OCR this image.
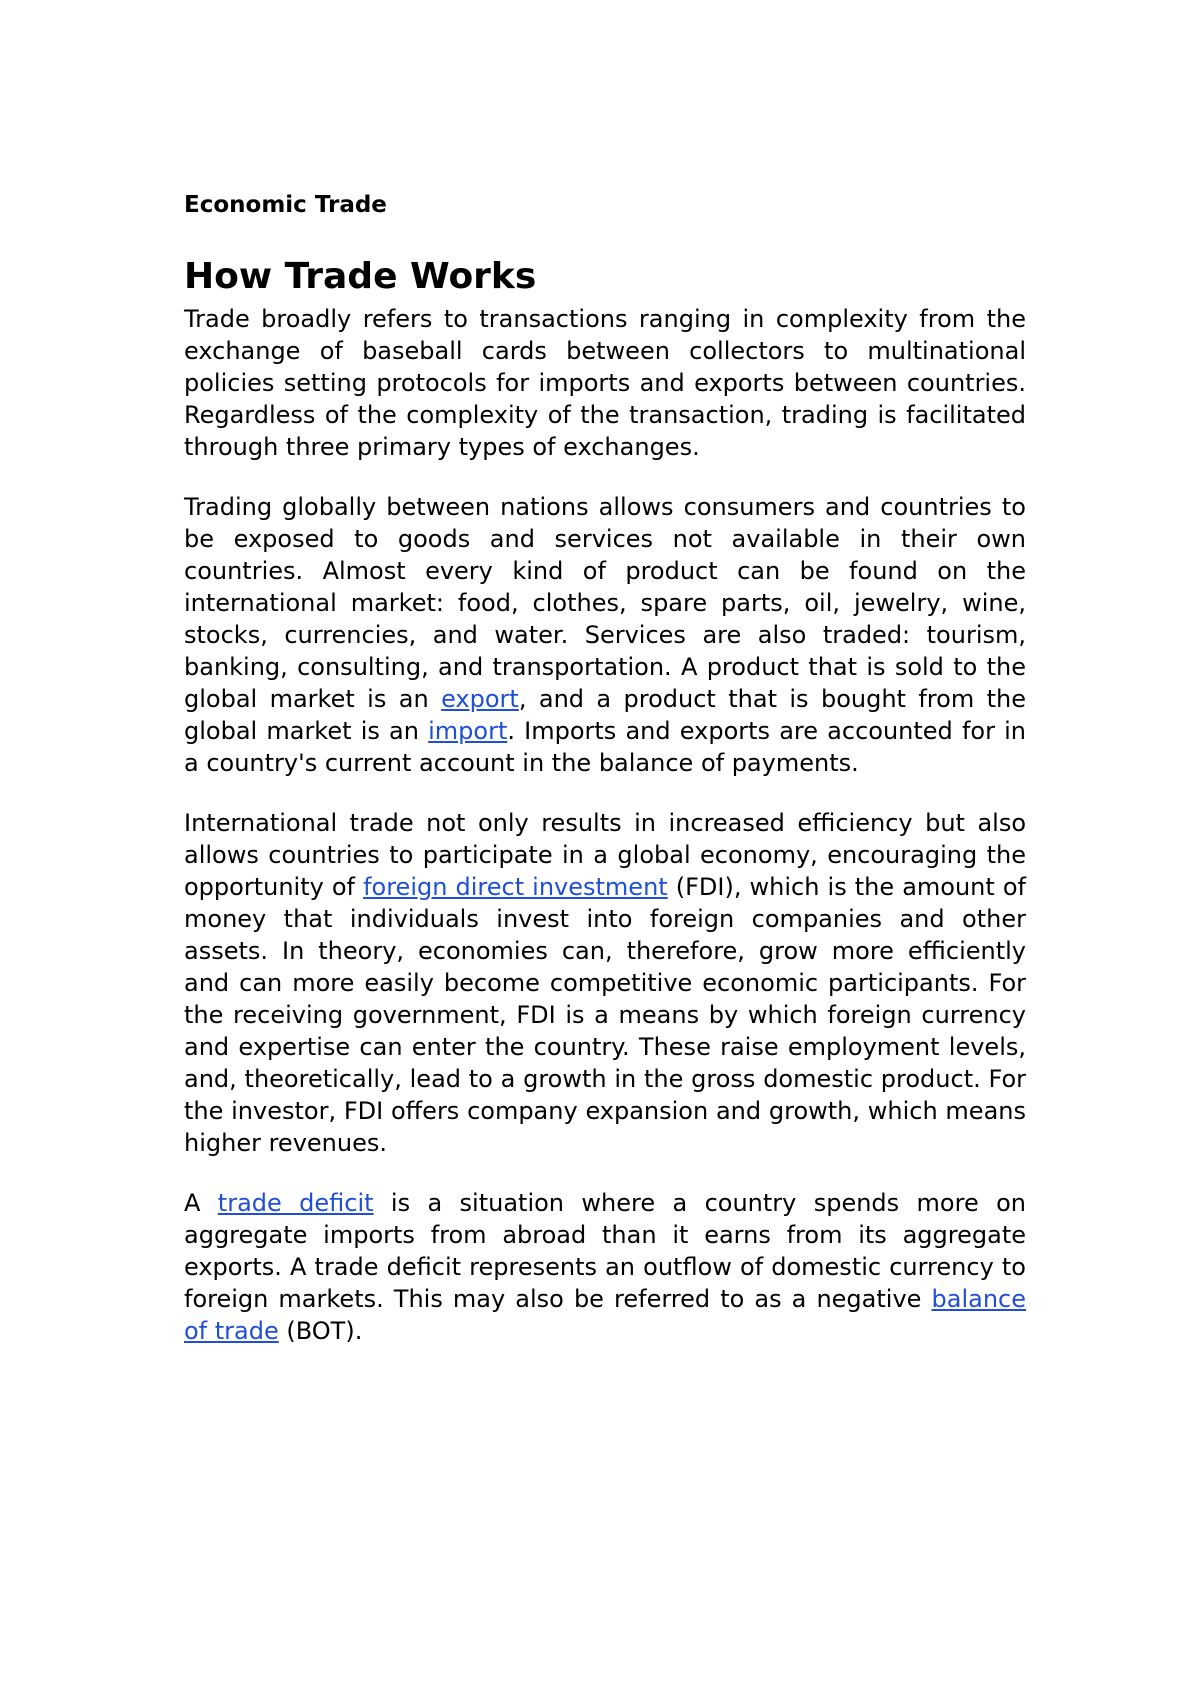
Economic Trade
How Trade Works

Trade broadly refers to transactions ranging in complexity from the exchange of baseball cards between collectors to multinational policies setting protocols for imports and exports between countries. Regardless of the complexity of the transaction, trading is facilitated through three primary types of exchanges.

Trading globally between nations allows consumers and countries to be exposed to goods and services not available in their own countries. Almost every kind of product can be found on the international market: food, clothes, spare parts, oil, jewelry, wine, stocks, currencies, and water. Services are also traded: tourism, banking, consulting, and transportation. A product that is sold to the global market is an export, and a product that is bought from the global market is an import. Imports and exports are accounted for in a country's current account in the balance of payments.

International trade not only results in increased efficiency but also allows countries to participate in a global economy, encouraging the opportunity of foreign direct investment (FDI), which is the amount of money that individuals invest into foreign companies and other assets. In theory, economies can, therefore, grow more efficiently and can more easily become competitive economic participants. For the receiving government, FDI is a means by which foreign currency and expertise can enter the country. These raise employment levels, and, theoretically, lead to a growth in the gross domestic product. For the investor, FDI offers company expansion and growth, which means higher revenues.

A trade deficit is a situation where a country spends more on aggregate imports from abroad than it earns from its aggregate exports. A trade deficit represents an outflow of domestic currency to foreign markets. This may also be referred to as a negative balance of trade (BOT).
